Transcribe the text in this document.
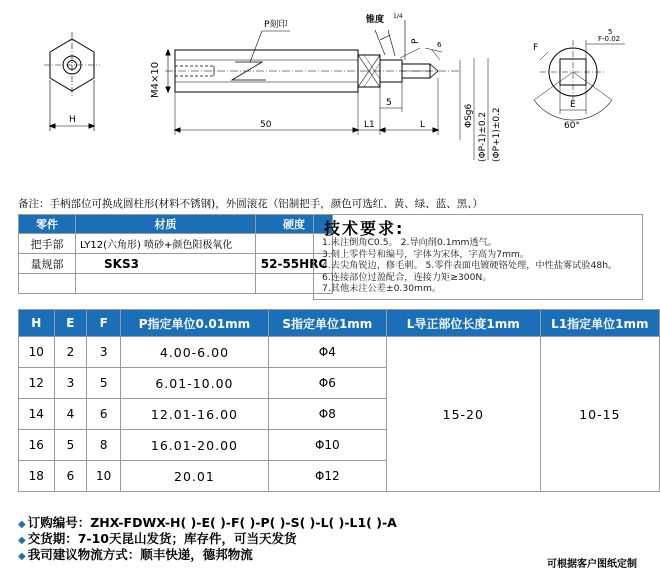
P刻印	锥度 1/4
M4×10
H	50	L1	L
5
P 6
ΦSg6 (ΦP-1)±0.2 (ΦP+1)±0.2
E
F
F-0.02
5
60°
备注：手柄部位可换成圆柱形(材料不锈钢)，外圆滚花（铝制把手，颜色可选红、黄、绿、蓝、黑、）
零件	材质	硬度
把手部	LY12(六角形) 喷砂+颜色阳极氧化	
量规部	SKS3	52-55HRC

技术要求:
1.未注倒角C0.5。 2.导向削0.1mm透气。
3.刻上零件号和编号，字体为宋体，字高为7mm。
4.去尖角锐边，修毛刺。 5.零件表面电镀硬铬处理，中性盐雾试验48h。
6.连接部位过盈配合，连接力矩≥300N。
7.其他未注公差±0.30mm。
H	E	F	P指定单位0.01mm	S指定单位1mm	L导正部位长度1mm	L1指定单位1mm
10	2	3	4.00-6.00	Φ4	15-20	10-15
12	3	5	6.01-10.00	Φ6		
14	4	6	12.01-16.00	Φ8		
16	5	8	16.01-20.00	Φ10		
18	6	10	20.01	Φ12		
◆ 订购编号：ZHX-FDWX-H( )-E( )-F( )-P( )-S( )-L( )-L1( )-A
◆ 交货期：7-10天昆山发货；库存件，可当天发货
◆ 我司建议物流方式：顺丰快递，德邦物流
可根据客户图纸定制
